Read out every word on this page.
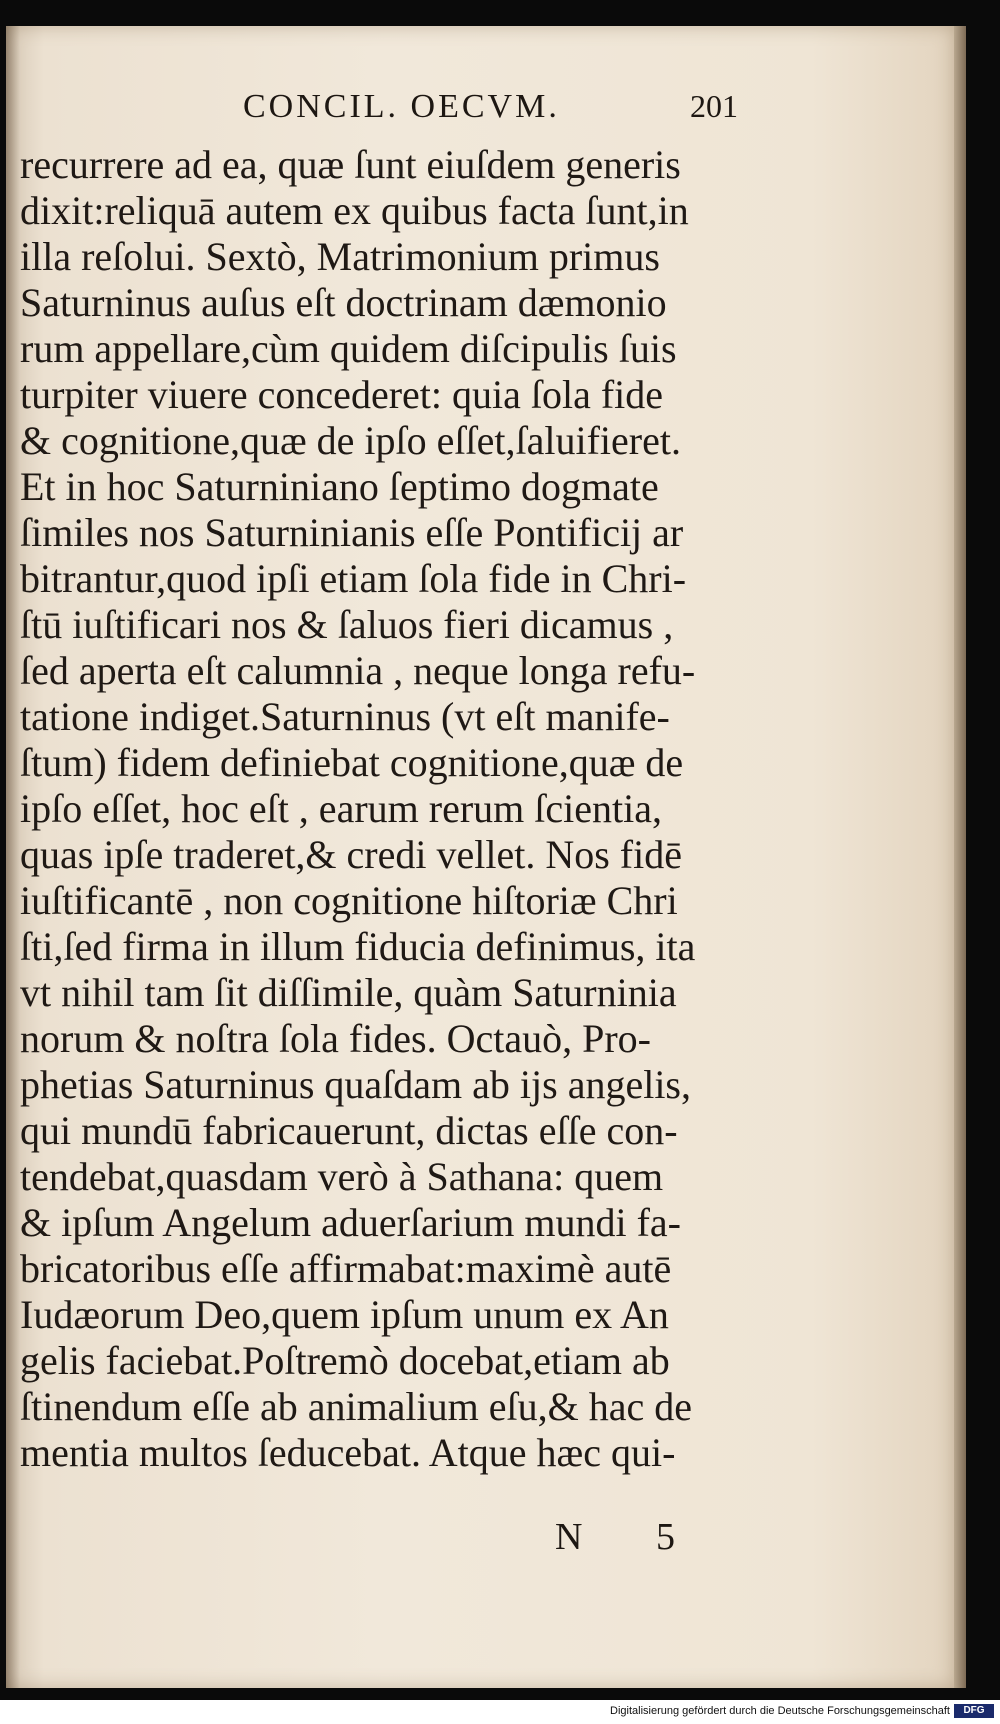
CONCIL. OECVM.	201
recurrere ad ea, quæ ſunt eiuſdem generis
dixit:reliquā autem ex quibus facta ſunt,in
illa reſolui. Sextò, Matrimonium primus
Saturninus auſus eſt doctrinam dæmonio
rum appellare,cùm quidem diſcipulis ſuis
turpiter viuere concederet: quia ſola fide
& cognitione,quæ de ipſo eſſet,ſaluifieret.
Et in hoc Saturniniano ſeptimo dogmate
ſimiles nos Saturninianis eſſe Pontificij ar
bitrantur,quod ipſi etiam ſola fide in Chri-
ſtū iuſtificari nos & ſaluos fieri dicamus ,
ſed aperta eſt calumnia , neque longa refu-
tatione indiget.Saturninus (vt eſt manife-
ſtum) fidem definiebat cognitione,quæ de
ipſo eſſet, hoc eſt , earum rerum ſcientia,
quas ipſe traderet,& credi vellet. Nos fidē
iuſtificantē , non cognitione hiſtoriæ Chri
ſti,ſed firma in illum fiducia definimus, ita
vt nihil tam ſit diſſimile, quàm Saturninia
norum & noſtra ſola fides. Octauò, Pro-
phetias Saturninus quaſdam ab ijs angelis,
qui mundū fabricauerunt, dictas eſſe con-
tendebat,quasdam verò à Sathana: quem
& ipſum Angelum aduerſarium mundi fa-
bricatoribus eſſe affirmabat:maximè autē
Iudæorum Deo,quem ipſum unum ex An
gelis faciebat.Poſtremò docebat,etiam ab
ſtinendum eſſe ab animalium eſu,& hac de
mentia multos ſeducebat. Atque hæc qui-
N 5
Digitalisierung gefördert durch die Deutsche Forschungsgemeinschaft	DFG
